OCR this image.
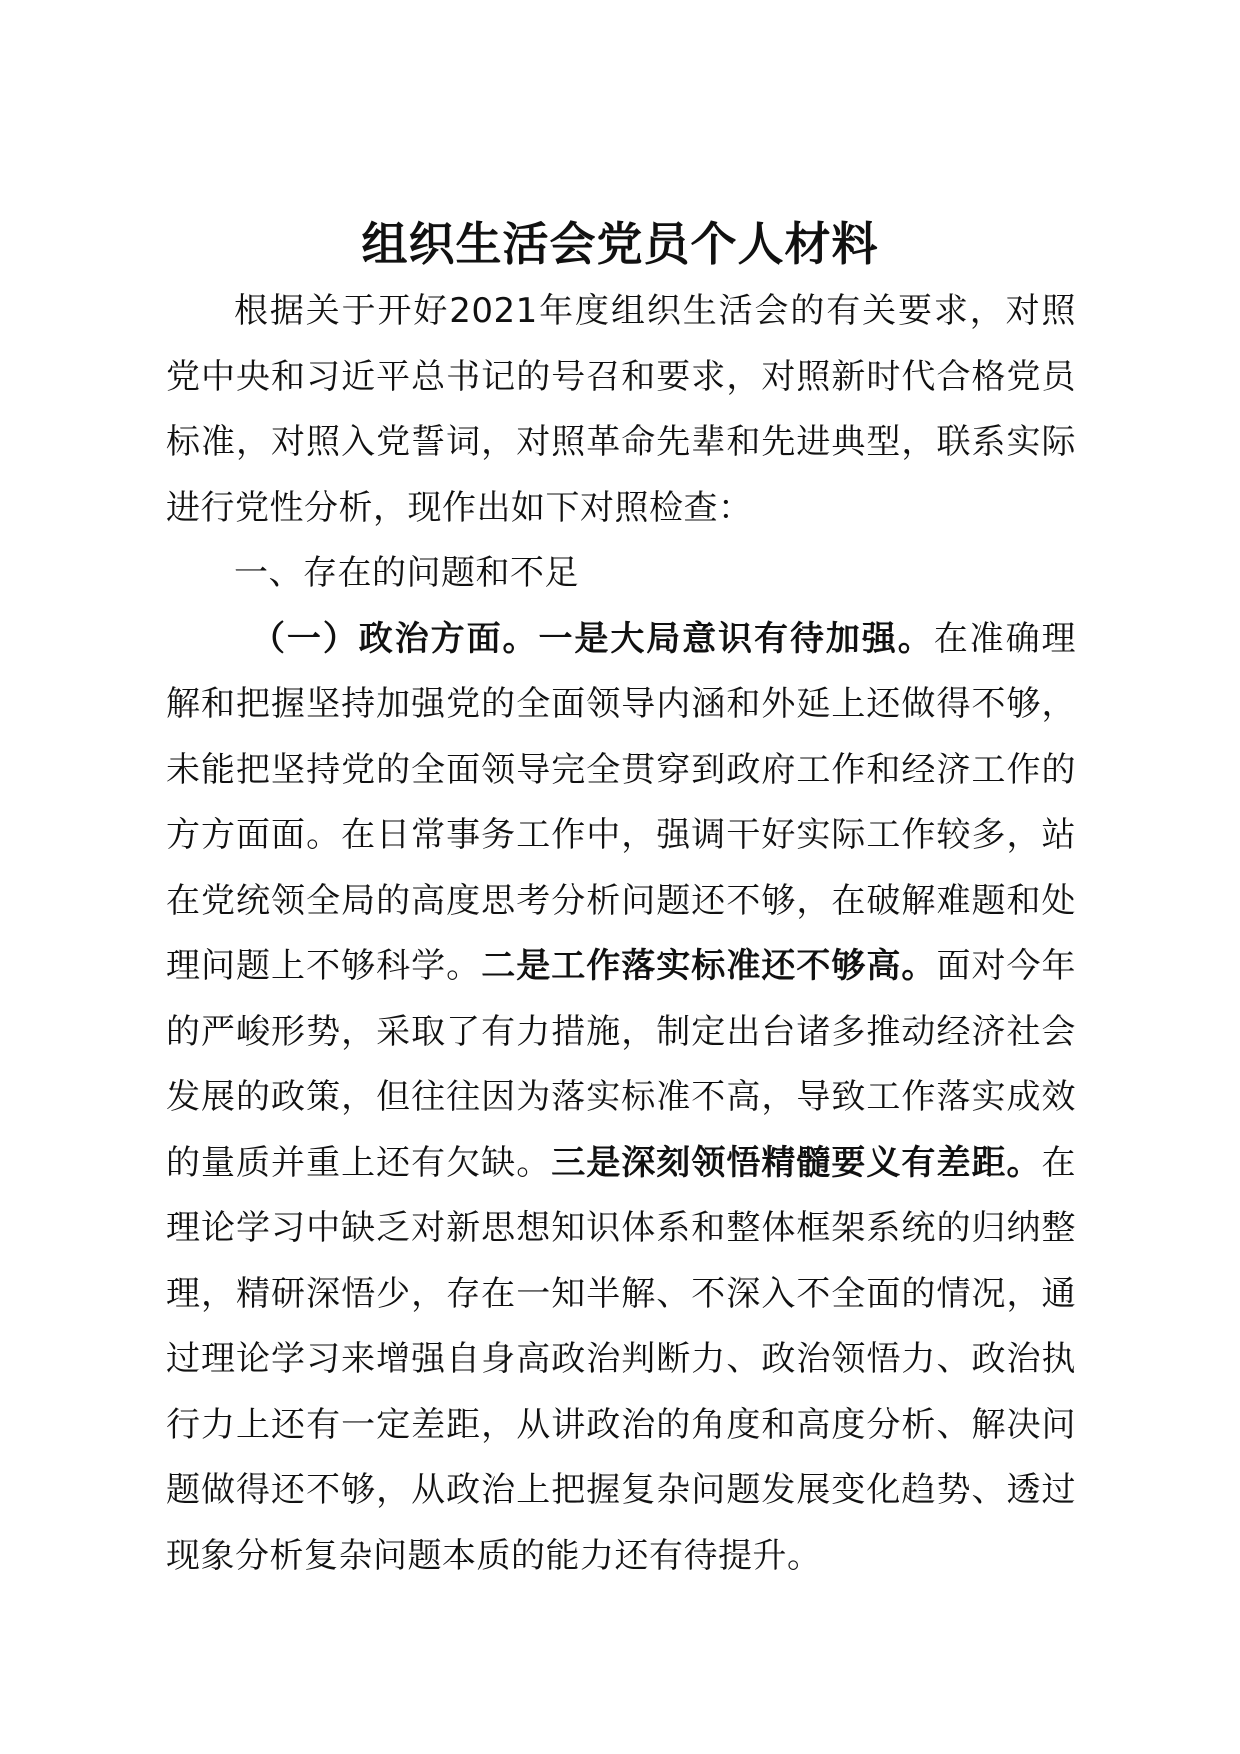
组织生活会党员个人材料

根据关于开好2021年度组织生活会的有关要求，对照党中央和习近平总书记的号召和要求，对照新时代合格党员标准，对照入党誓词，对照革命先辈和先进典型，联系实际进行党性分析，现作出如下对照检查：

一、存在的问题和不足

（一）政治方面。一是大局意识有待加强。在准确理解和把握坚持加强党的全面领导内涵和外延上还做得不够，未能把坚持党的全面领导完全贯穿到政府工作和经济工作的方方面面。在日常事务工作中，强调干好实际工作较多，站在党统领全局的高度思考分析问题还不够，在破解难题和处理问题上不够科学。二是工作落实标准还不够高。面对今年的严峻形势，采取了有力措施，制定出台诸多推动经济社会发展的政策，但往往因为落实标准不高，导致工作落实成效的量质并重上还有欠缺。三是深刻领悟精髓要义有差距。在理论学习中缺乏对新思想知识体系和整体框架系统的归纳整理，精研深悟少，存在一知半解、不深入不全面的情况，通过理论学习来增强自身高政治判断力、政治领悟力、政治执行力上还有一定差距，从讲政治的角度和高度分析、解决问题做得还不够，从政治上把握复杂问题发展变化趋势、透过现象分析复杂问题本质的能力还有待提升。
